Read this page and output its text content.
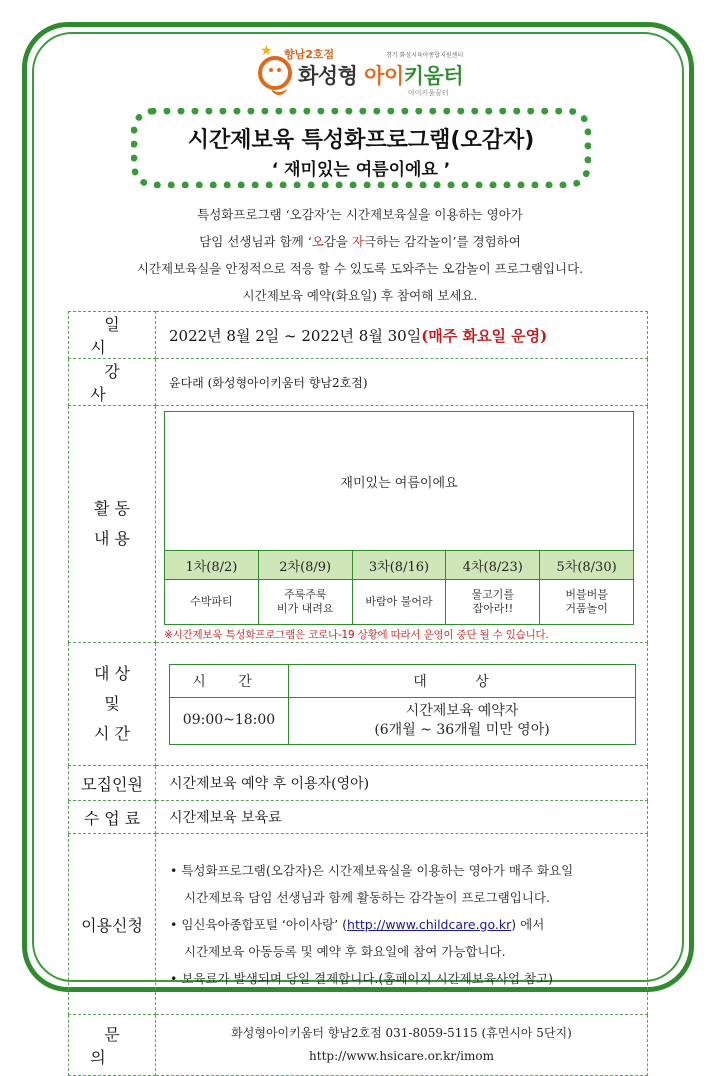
★ 향남2호점	경기 화성시육아종합지원센터
화성형 아이키움터
아이키움꿈터
시간제보육 특성화프로그램(오감자)
‘ 재미있는 여름이에요 ’
특성화프로그램 ‘오감자’는 시간제보육실을 이용하는 영아가
담임 선생님과 함께 ‘오감을 자극하는 감각놀이’를 경험하여
시간제보육실을 안정적으로 적응 할 수 있도록 도와주는 오감놀이 프로그램입니다.
시간제보육 예약(화요일) 후 참여해 보세요.
일시	2022년 8월 2일 ~ 2022년 8월 30일(매주 화요일 운영)
강사	윤다래 (화성형아이키움터 향남2호점)

활 동
내 용

재미있는 여름이에요
1차(8/2)	2차(8/9)	3차(8/16)	4차(8/23)	5차(8/30)

수박파티

주룩주룩
비가 내려요

바람아 불어라

물고기를
잡아라!!

버블버블
거품놀이
※시간제보육 특성화프로그램은 코로나-19 상황에 따라서 운영이 중단 될 수 있습니다.

대 상
및
시 간

시 간	대 상
09:00~18:00	
시간제보육 예약자
(6개월 ~ 36개월 미만 영아)

모집인원	시간제보육 예약 후 이용자(영아)
수 업 료	시간제보육 보육료
이용신청	
• 특성화프로그램(오감자)은 시간제보육실을 이용하는 영아가 매주 화요일
시간제보육 담임 선생님과 함께 활동하는 감각놀이 프로그램입니다.
• 임신육아종합포털 ‘아이사랑’ (http://www.childcare.go.kr) 에서
시간제보육 아동등록 및 예약 후 화요일에 참여 가능합니다.
• 보육료가 발생되며 당일 결제합니다.(홈페이지 시간제보육사업 참고)

문 의	
화성형아이키움터 향남2호점 031-8059-5115 (휴먼시아 5단지)
http://www.hsicare.or.kr/imom
